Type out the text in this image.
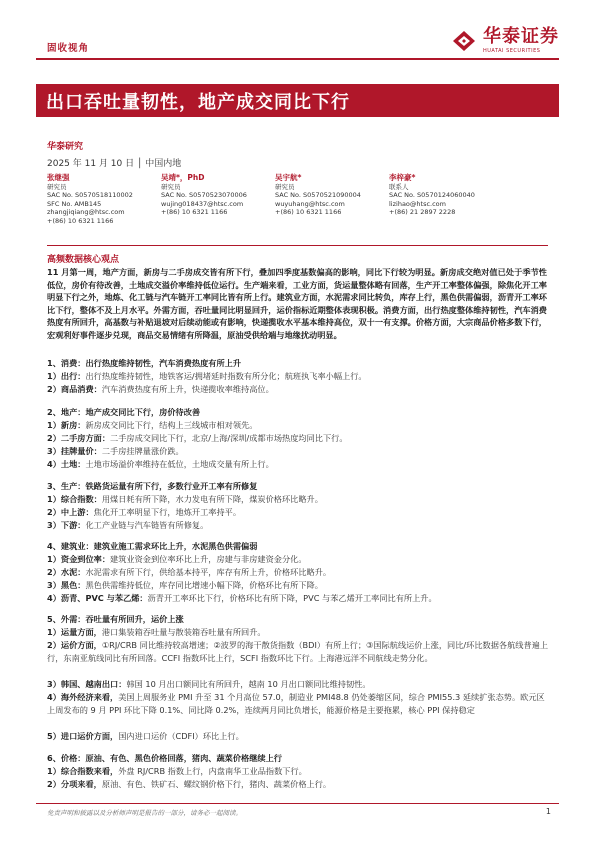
固收视角
华泰证券
HUATAI SECURITIES
出口吞吐量韧性，地产成交同比下行
华泰研究
2025 年 11 月 10 日 │ 中国内地
张继强
研究员
SAC No. S0570518110002
SFC No. AMB145
zhangjiqiang@htsc.com
+(86) 10 6321 1166
吴靖*，PhD
研究员
SAC No. S0570523070006
wujing018437@htsc.com
+(86) 10 6321 1166
吴宇航*
研究员
SAC No. S0570521090004
wuyuhang@htsc.com
+(86) 10 6321 1166
李梓豪*
联系人
SAC No. S0570124060040
lizihao@htsc.com
+(86) 21 2897 2228
高频数据核心观点
11 月第一周，地产方面，新房与二手房成交皆有所下行，叠加四季度基数偏高的影响，同比下行较为明显。新房成交绝对值已处于季节性低位，房价有待改善，土地成交溢价率维持低位运行。生产端来看，工业方面，货运量整体略有回落，生产开工率整体偏强，除焦化开工率明显下行之外，地炼、化工链与汽车链开工率同比皆有所上行。建筑业方面，水泥需求同比转负，库存上行，黑色供需偏弱，沥青开工率环比下行，整体不及上月水平。外需方面，吞吐量同比明显回升，运价指标近期整体表现积极。消费方面，出行热度整体维持韧性，汽车消费热度有所回升，高基数与补贴退坡对后续动能或有影响，快递揽收水平基本维持高位，双十一有支撑。价格方面，大宗商品价格多数下行，宏观利好事件逐步兑现，商品交易情绪有所降温，原油受供给端与地缘扰动明显。
1、消费：出行热度维持韧性，汽车消费热度有所上升
1）出行：出行热度维持韧性，地铁客运/拥堵延时指数有所分化；航班执飞率小幅上行。
2）商品消费：汽车消费热度有所上升，快递揽收率维持高位。
2、地产：地产成交同比下行，房价待改善
1）新房：新房成交同比下行，结构上三线城市相对领先。
2）二手房方面：二手房成交同比下行，北京/上海/深圳/成都市场热度均同比下行。
3）挂牌量价：二手房挂牌量涨价跌。
4）土地：土地市场溢价率维持在低位，土地成交量有所上行。
3、生产：铁路货运量有所下行，多数行业开工率有所修复
1）综合指数：用煤日耗有所下降，水力发电有所下降，煤炭价格环比略升。
2）中上游：焦化开工率明显下行，地炼开工率持平。
3）下游：化工产业链与汽车链皆有所修复。
4、建筑业：建筑业施工需求环比上升，水泥黑色供需偏弱
1）资金到位率：建筑业资金到位率环比上升，房建与非房建资金分化。
2）水泥：水泥需求有所下行，供给基本持平，库存有所上升，价格环比略升。
3）黑色：黑色供需维持低位，库存同比增速小幅下降，价格环比有所下降。
4）沥青、PVC 与苯乙烯：沥青开工率环比下行，价格环比有所下降，PVC 与苯乙烯开工率同比有所上升。
5、外需：吞吐量有所回升，运价上涨
1）运量方面，港口集装箱吞吐量与散装箱吞吐量有所回升。
2）运价方面，①RJ/CRB 同比维持较高增速；②波罗的海干散货指数（BDI）有所上行；③国际航线运价上涨，同比/环比数据各航线普遍上行，东南亚航线同比有所回落。CCFI 指数环比上行，SCFI 指数环比下行。上海港远洋不同航线走势分化。
3）韩国、越南出口：韩国 10 月出口额同比有所回升，越南 10 月出口额同比维持韧性。
4）海外经济来看，美国上周服务业 PMI 升至 31 个月高位 57.0，制造业 PMI48.8 仍处萎缩区间，综合 PMI55.3 延续扩张态势。欧元区上周发布的 9 月 PPI 环比下降 0.1%、同比降 0.2%，连续两月同比负增长，能源价格是主要拖累，核心 PPI 保持稳定
5）进口运价方面，国内进口运价（CDFI）环比上行。
6、价格：原油、有色、黑色价格回落，猪肉、蔬菜价格继续上行
1）综合指数来看，外盘 RJ/CRB 指数上行，内盘南华工业品指数下行。
2）分项来看，原油、有色、铁矿石、螺纹钢价格下行，猪肉、蔬菜价格上行。
免责声明和披露以及分析师声明是报告的一部分，请务必一起阅读。	1
